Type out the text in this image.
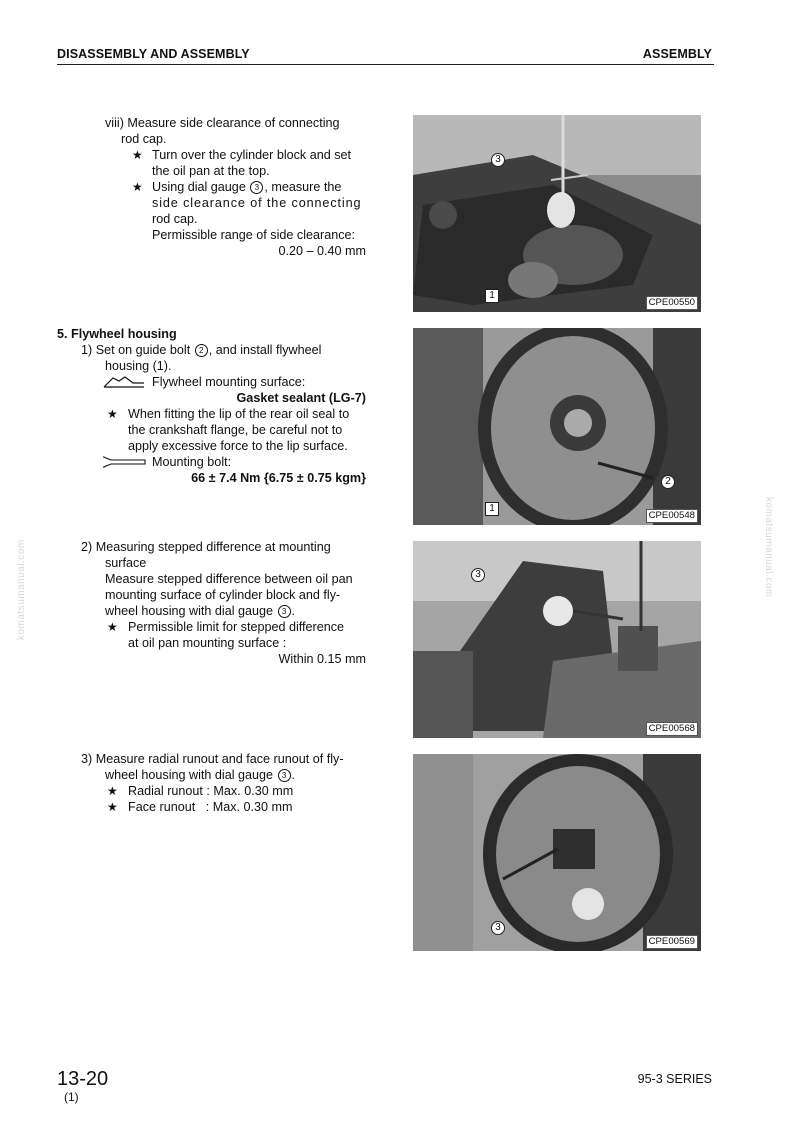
DISASSEMBLY AND ASSEMBLY	ASSEMBLY
komatsumanual.com	komatsumanual.com
viii) Measure side clearance of connecting
rod cap.
★ Turn over the cylinder block and set
the oil pan at the top.
★ Using dial gauge 3 , measure the
side clearance of the connecting
rod cap.
Permissible range of side clearance:
0.20 – 0.40 mm
5. Flywheel housing
1) Set on guide bolt 2 , and install flywheel
housing (1).
Flywheel mounting surface:
Gasket sealant (LG-7)
★ When fitting the lip of the rear oil seal to
the crankshaft flange, be careful not to
apply excessive force to the lip surface.
Mounting bolt:
66 ± 7.4 Nm {6.75 ± 0.75 kgm}
2) Measuring stepped difference at mounting
surface
Measure stepped difference between oil pan
mounting surface of cylinder block and fly-
wheel housing with dial gauge 3 .
★ Permissible limit for stepped difference
at oil pan mounting surface :
Within 0.15 mm
3) Measure radial runout and face runout of fly-
wheel housing with dial gauge 3 .
★ Radial runout : Max. 0.30 mm
★ Face runout   : Max. 0.30 mm
3
1
CPE00550
2
1
CPE00548
3
CPE00568
3
CPE00569
13-20
(1)
95-3 SERIES
